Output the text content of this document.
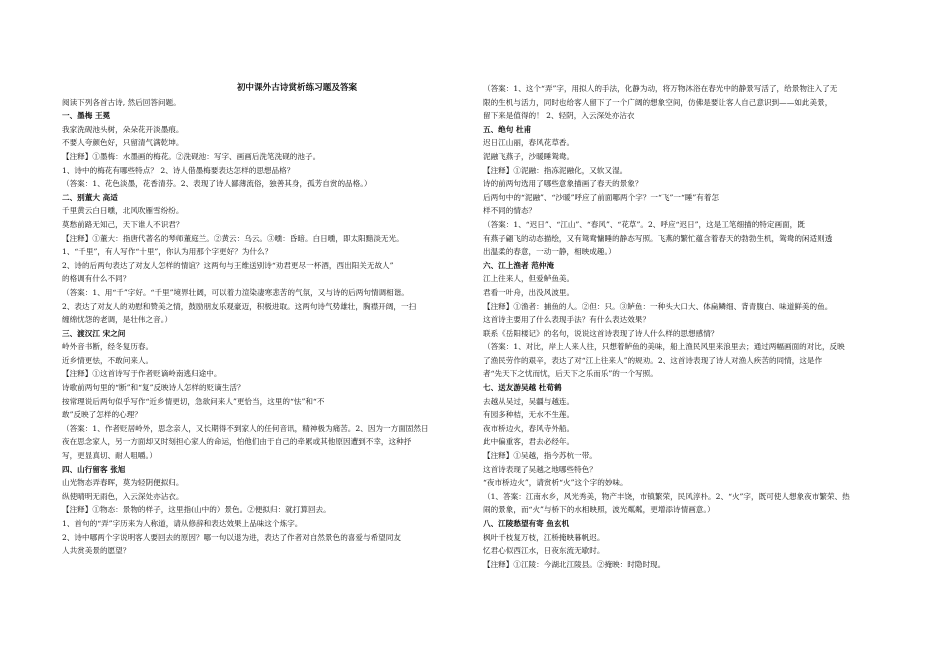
初中课外古诗赏析练习题及答案
阅读下列各首古诗, 然后回答问题。
一、墨梅 王冕
我家洗砚池头树，朵朵花开淡墨痕。
不要人夸颜色好，只留清气满乾坤。
【注释】①墨梅：水墨画的梅花。②洗砚池：写字、画画后洗笔洗砚的池子。
1、诗中的梅花有哪些特点？ 2、诗人借墨梅要表达怎样的思想品格？
（答案：1、花色淡墨，花香清芬。2、表现了诗人鄙薄流俗，独善其身，孤芳自赏的品格。）
二、别董大 高适
千里黄云白日曛，北风吹雁雪纷纷。
莫愁前路无知己，天下谁人不识君？
【注释】①董大：指唐代著名的琴师董庭兰。②黄云：乌云。③曛：昏暗。白日曛，即太阳黯淡无光。
1、“千里”，有人写作“十里”，你认为用那个字更好？为什么？
2、诗的后两句表达了对友人怎样的情谊？这两句与王维送别诗“劝君更尽一杯酒，西出阳关无故人”
的格调有什么不同？
（答案：1、用“千”字好。“千里”境界壮阔，可以着力渲染凄寒悲苦的气氛，又与诗的后两句情调相谐。
2、表达了对友人的劝慰和赞美之情，鼓励朋友乐观豪迈，积极进取。这两句诗气势雄壮，胸襟开阔，一扫
缠绵忧怨的老调，是壮伟之音。）
三、渡汉江 宋之问
岭外音书断，经冬复历春。
近乡情更怯，不敢问来人。
【注释】①这首诗写于作者贬谪岭南逃归途中。
诗歌前两句里的“断”和“复”反映诗人怎样的贬谪生活？
按常理说后两句似乎写作“近乡情更切，急欲问来人”更恰当，这里的“怯”和“不
敢”反映了怎样的心理？
（答案：1、作者贬居岭外，思念亲人，又长期得不到家人的任何音讯，精神极为痛苦。2、因为一方面固然日
夜在思念家人，另一方面却又时刻担心家人的命运，怕他们由于自己的牵累或其他原因遭到不幸，这种抒
写，更显真切、耐人咀嚼。）
四、山行留客 张旭
山光物态弄春晖，莫为轻阴便拟归。
纵使晴明无雨色，入云深处亦沾衣。
【注释】①物态：景物的样子，这里指(山中的）景色。②便拟归：就打算回去。
1、首句的“弄”字历来为人称道，请从修辞和表达效果上品味这个炼字。
2、诗中哪两个字说明客人要回去的原因？哪一句以退为进，表达了作者对自然景色的喜爱与希望同友
人共赏美景的愿望？
（答案：1、这个“弄”字，用拟人的手法，化静为动，将万物沐浴在春光中的静景写活了，给景物注入了无
限的生机与活力，同时也给客人留下了一个广阔的想象空间，仿佛是要让客人自己意识到——如此美景，
留下来是值得的！ 2、轻阴，入云深处亦沾衣
五、绝句 杜甫
迟日江山丽，春风花草香。
泥融飞燕子，沙暖睡鸳鸯。
【注释】①泥融：指冻泥融化，又软又湿。
诗的前两句选用了哪些意象描画了春天的景象？
后两句中的“泥融”、“沙暖”呼应了前面哪两个字？一“飞”一“睡”有着怎
样不同的情态？
（答案：1、“迟日”、“江山”、“春风”、“花草”。2、呼应“迟日”，这是工笔细描的特定画面，既
有燕子翩飞的动态描绘，又有鸳鸯慵睡的静态写照。飞燕的繁忙蕴含着春天的勃勃生机，鸳鸯的闲适则透
出温柔的春意，一动一静，相映成趣。）
六、江上渔者 范仲淹
江上往来人，但爱鲈鱼美。
君看一叶舟，出没风波里。
【注释】①渔者：捕鱼的人。②但：只。③鲈鱼：一种头大口大、体扁鳞细、背青腹白、味道鲜美的鱼。
这首诗主要用了什么表现手法？有什么表达效果？
联系《岳阳楼记》的名句，说说这首诗表现了诗人什么样的思想感情？
（答案：1、对比，岸上人来人往，只想着鲈鱼的美味，船上渔民风里来浪里去；通过两幅画面的对比，反映
了渔民劳作的艰辛，表达了对“江上往来人”的规劝。2、这首诗表现了诗人对渔人疾苦的同情，这是作
者“先天下之忧而忧，后天下之乐而乐”的一个写照。
七、送友游吴越 杜荀鹤
去越从吴过，吴疆与越连。
有园多种桔，无水不生莲。
夜市桥边火，春风寺外船。
此中偏重客，君去必经年。
【注释】①吴越，指今苏杭一带。
这首诗表现了吴越之地哪些特色？
“夜市桥边火”，请赏析“火”这个字的妙味。
（1、答案：江南水乡，风光秀美，物产丰饶，市镇繁荣，民风淳朴。2、“火”字，既可使人想象夜市繁荣、热
闹的景象，而“火”与桥下的水相映照，波光粼粼，更增添诗情画意。）
八、江陵愁望有寄 鱼玄机
枫叶千枝复万枝，江桥掩映暮帆迟。
忆君心似西江水，日夜东流无歇时。
【注释】①江陵：今湖北江陵县。②掩映：时隐时现。
